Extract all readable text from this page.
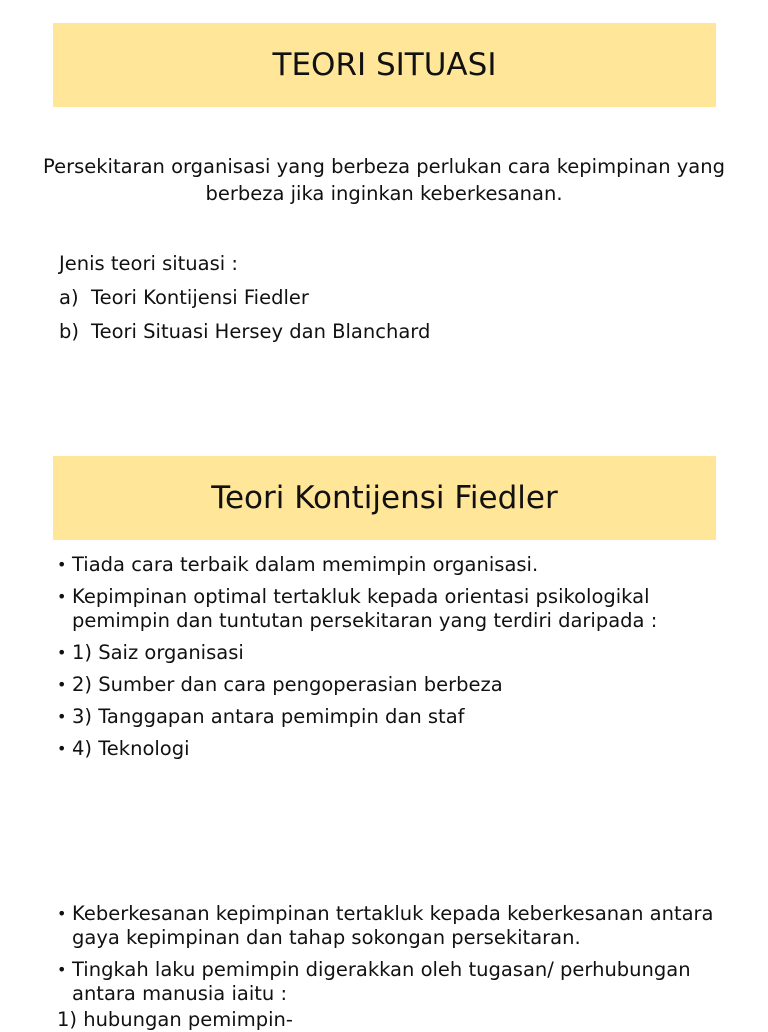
TEORI SITUASI
Persekitaran organisasi yang berbeza perlukan cara kepimpinan yang berbeza jika inginkan keberkesanan.
Jenis teori situasi :
a) Teori Kontijensi Fiedler
b) Teori Situasi Hersey dan Blanchard
Teori Kontijensi Fiedler
• Tiada cara terbaik dalam memimpin organisasi.
• Kepimpinan optimal tertakluk kepada orientasi psikologikal pemimpin dan tuntutan persekitaran yang terdiri daripada :
• 1) Saiz organisasi
• 2) Sumber dan cara pengoperasian berbeza
• 3) Tanggapan antara pemimpin dan staf
• 4) Teknologi
• Keberkesanan kepimpinan tertakluk kepada keberkesanan antara gaya kepimpinan dan tahap sokongan persekitaran.
• Tingkah laku pemimpin digerakkan oleh tugasan/ perhubungan antara manusia iaitu :
1) hubungan pemimpin-
